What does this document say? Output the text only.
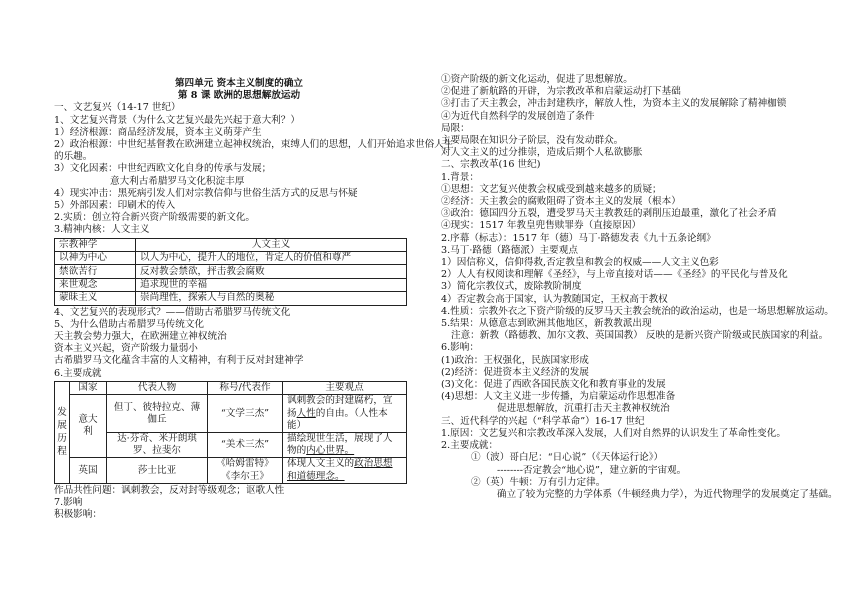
第四单元 资本主义制度的确立
第 8 课 欧洲的思想解放运动
一、文艺复兴（14-17 世纪）
1、文艺复兴背景（为什么文艺复兴最先兴起于意大利？）
1）经济根源：商品经济发展，资本主义萌芽产生
2）政治根源：中世纪基督教在欧洲建立起神权统治，束缚人们的思想，人们开始追求世俗人生
的乐趣。
3）文化因素：中世纪西欧文化自身的传承与发展；
意大利古希腊罗马文化积淀丰厚
4）现实冲击：黑死病引发人们对宗教信仰与世俗生活方式的反思与怀疑
5）外部因素：印刷术的传入
2.实质：创立符合新兴资产阶级需要的新文化。
3.精神内核：人文主义
宗教神学	人文主义
以神为中心	以人为中心，提升人的地位，肯定人的价值和尊严
禁欲苦行	反对教会禁欲，抨击教会腐败
来世观念	追求现世的幸福
蒙昧主义	崇尚理性，探索人与自然的奥秘
4、文艺复兴的表现形式？——借助古希腊罗马传统文化
5、为什么借助古希腊罗马传统文化
天主教会势力强大，在欧洲建立神权统治
资本主义兴起，资产阶级力量弱小
古希腊罗马文化蕴含丰富的人文精神，有利于反对封建神学
6.主要成就
发展历程	国家	代表人物	称号/代表作	主要观点
	意大利	但丁、彼特拉克、薄伽丘	“文学三杰”	讽刺教会的封建腐朽，宣扬人性的自由。（人性本能）
		达·芬奇、米开朗琪罗、拉斐尔	“美术三杰”	描绘现世生活，展现了人物的内心世界。
	英国	莎士比亚	《哈姆雷特》《李尔王》	体现人文主义的政治思想和道德理念。
作品共性问题：讽刺教会，反对封等级观念；讴歌人性
7.影响
积极影响：
①资产阶级的新文化运动，促进了思想解放。
②促进了新航路的开辟，为宗教改革和启蒙运动打下基础
③打击了天主教会，冲击封建秩序，解放人性，为资本主义的发展解除了精神枷锁
④为近代自然科学的发展创造了条件
局限：
主要局限在知识分子阶层，没有发动群众。
对人文主义的过分推崇，造成后期个人私欲膨胀
二、宗教改革(16 世纪)
1.背景：
①思想：文艺复兴使教会权威受到越来越多的质疑；
②经济：天主教会的腐败阻碍了资本主义的发展（根本）
③政治：德国四分五裂，遭受罗马天主教教廷的剥削压迫最重，激化了社会矛盾
④现实：1517 年教皇兜售赎罪券（直接原因）
2.序幕（标志）：1517 年（德）马丁·路德发表《九十五条论纲》
3.马丁·路德（路德派）主要观点
1）因信称义，信仰得救,否定教皇和教会的权威——人文主义色彩
2）人人有权阅读和理解《圣经》，与上帝直接对话——《圣经》的平民化与普及化
3）简化宗教仪式，废除教阶制度
4）否定教会高于国家，认为教随国定，王权高于教权
4.性质：宗教外衣之下资产阶级的反罗马天主教会统治的政治运动，也是一场思想解放运动。
5.结果：从德意志到欧洲其他地区，新教教派出现
注意：新教（路德教、加尔文教、英国国教） 反映的是新兴资产阶级或民族国家的利益。
6.影响：
(1)政治：王权强化，民族国家形成
(2)经济：促进资本主义经济的发展
(3)文化：促进了西欧各国民族文化和教育事业的发展
(4)思想：人文主义进一步传播，为启蒙运动作思想准备
促进思想解放，沉重打击天主教神权统治
三、近代科学的兴起（“科学革命”）16-17 世纪
1.原因：文艺复兴和宗教改革深入发展，人们对自然界的认识发生了革命性变化。
2.主要成就：
①（波）哥白尼：“日心说”（《天体运行论》）
--------否定教会“地心说”，建立新的宇宙观。
②（英）牛顿：万有引力定律。
确立了较为完整的力学体系（牛顿经典力学），为近代物理学的发展奠定了基础。
